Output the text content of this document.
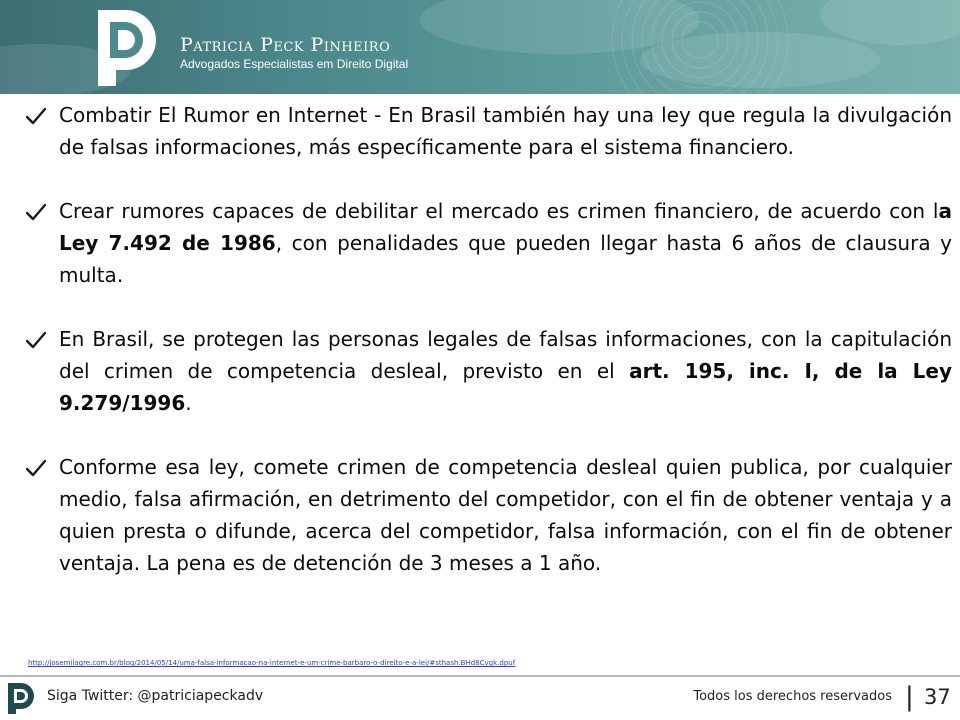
Patricia Peck Pinheiro
Advogados Especialistas em Direito Digital
Combatir El Rumor en Internet - En Brasil también hay una ley que regula la divulgación de falsas informaciones, más específicamente para el sistema financiero.
Crear rumores capaces de debilitar el mercado es crimen financiero, de acuerdo con la Ley 7.492 de 1986, con penalidades que pueden llegar hasta 6 años de clausura y multa.
En Brasil, se protegen las personas legales de falsas informaciones, con la capitulación del crimen de competencia desleal, previsto en el art. 195, inc. I, de la Ley 9.279/1996.
Conforme esa ley, comete crimen de competencia desleal quien publica, por cualquier medio, falsa afirmación, en detrimento del competidor, con el fin de obtener ventaja y a quien presta o difunde, acerca del competidor, falsa información, con el fin de obtener ventaja. La pena es de detención de 3 meses a 1 año.
http://josemilagre.com.br/blog/2014/05/14/uma-falsa-informacao-na-internet-e-um-crime-barbaro-o-direito-e-a-lei/#sthash.BHd8Cvgk.dpuf
Siga Twitter: @patriciapeckadv	Todos los derechos reservados | 37
